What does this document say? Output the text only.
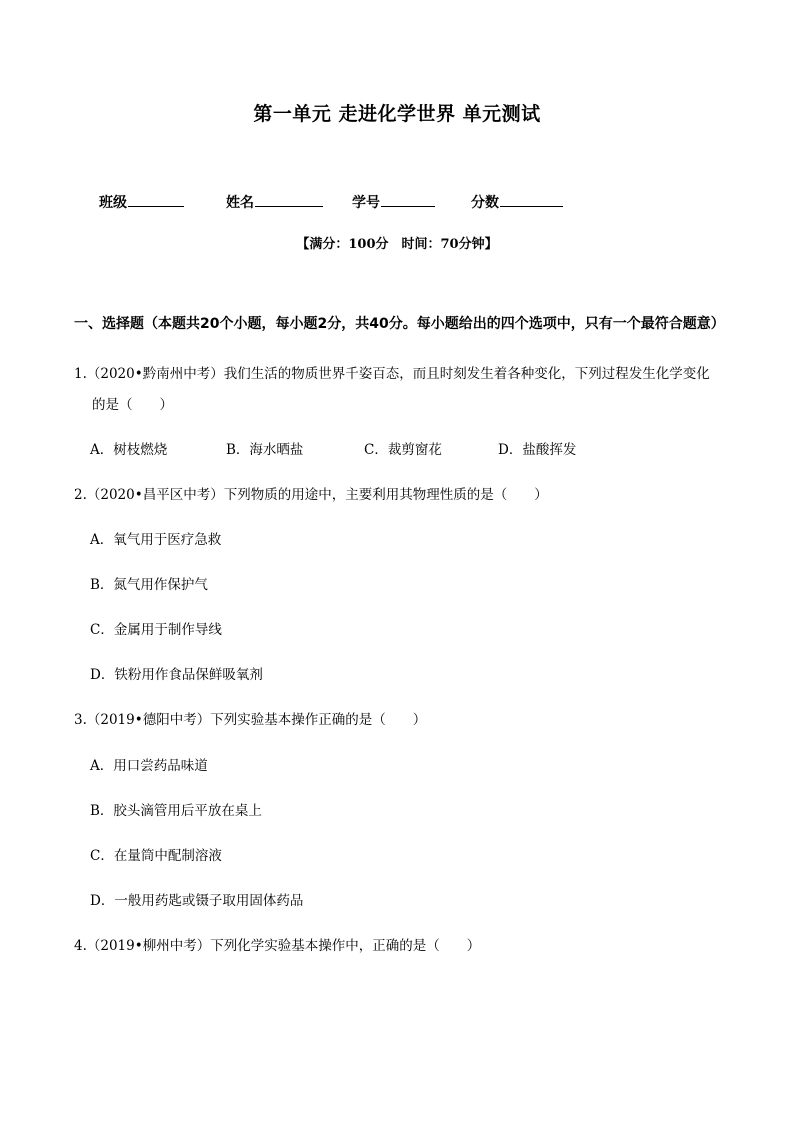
第一单元 走进化学世界 单元测试
班级	姓名	学号	分数
【满分：100分　时间：70分钟】
一、选择题（本题共20个小题，每小题2分，共40分。每小题给出的四个选项中，只有一个最符合题意）
1.（2020•黔南州中考）我们生活的物质世界千姿百态，而且时刻发生着各种变化，下列过程发生化学变化
的是（　　）
A．树枝燃烧	B．海水晒盐	C．裁剪窗花	D．盐酸挥发
2.（2020•昌平区中考）下列物质的用途中，主要利用其物理性质的是（　　）
A．氧气用于医疗急救
B．氮气用作保护气
C．金属用于制作导线
D．铁粉用作食品保鲜吸氧剂
3.（2019•德阳中考）下列实验基本操作正确的是（　　）
A．用口尝药品味道
B．胶头滴管用后平放在桌上
C．在量筒中配制溶液
D．一般用药匙或镊子取用固体药品
4.（2019•柳州中考）下列化学实验基本操作中，正确的是（　　）
